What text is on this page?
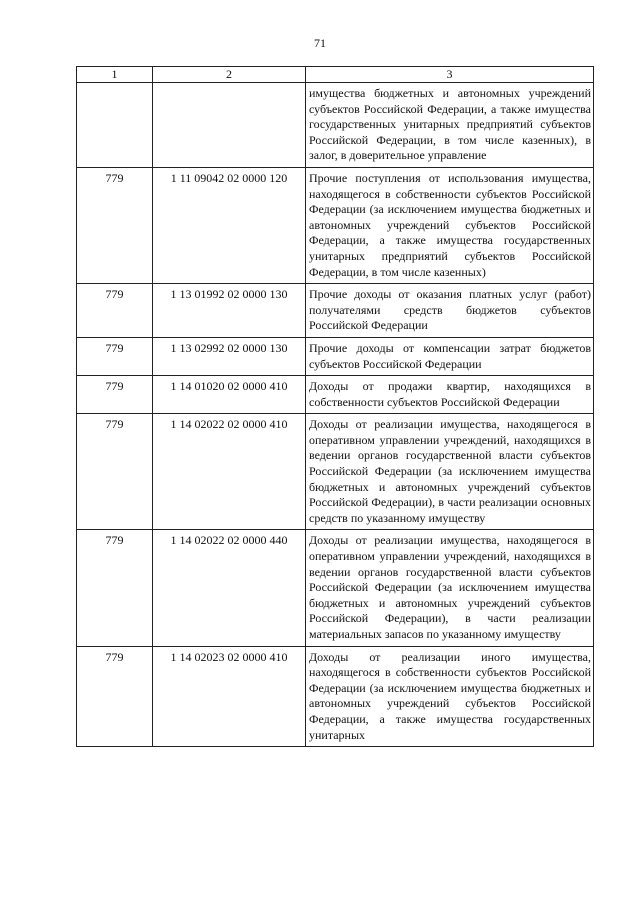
71
1	2	3
		имущества бюджетных и автономных учреждений субъектов Российской Федерации, а также имущества государственных унитарных предприятий субъектов Российской Федерации, в том числе казенных), в залог, в доверительное управление
779	1 11 09042 02 0000 120	Прочие поступления от использования имущества, находящегося в собственности субъектов Российской Федерации (за исключением имущества бюджетных и автономных учреждений субъектов Российской Федерации, а также имущества государственных унитарных предприятий субъектов Российской Федерации, в том числе казенных)
779	1 13 01992 02 0000 130	Прочие доходы от оказания платных услуг (работ) получателями средств бюджетов субъектов Российской Федерации
779	1 13 02992 02 0000 130	Прочие доходы от компенсации затрат бюджетов субъектов Российской Федерации
779	1 14 01020 02 0000 410	Доходы от продажи квартир, находящихся в собственности субъектов Российской Федерации
779	1 14 02022 02 0000 410	Доходы от реализации имущества, находящегося в оперативном управлении учреждений, находящихся в ведении органов государственной власти субъектов Российской Федерации (за исключением имущества бюджетных и автономных учреждений субъектов Российской Федерации), в части реализации основных средств по указанному имуществу
779	1 14 02022 02 0000 440	Доходы от реализации имущества, находящегося в оперативном управлении учреждений, находящихся в ведении органов государственной власти субъектов Российской Федерации (за исключением имущества бюджетных и автономных учреждений субъектов Российской Федерации), в части реализации материальных запасов по указанному имуществу
779	1 14 02023 02 0000 410	Доходы от реализации иного имущества, находящегося в собственности субъектов Российской Федерации (за исключением имущества бюджетных и автономных учреждений субъектов Российской Федерации, а также имущества государственных унитарных
